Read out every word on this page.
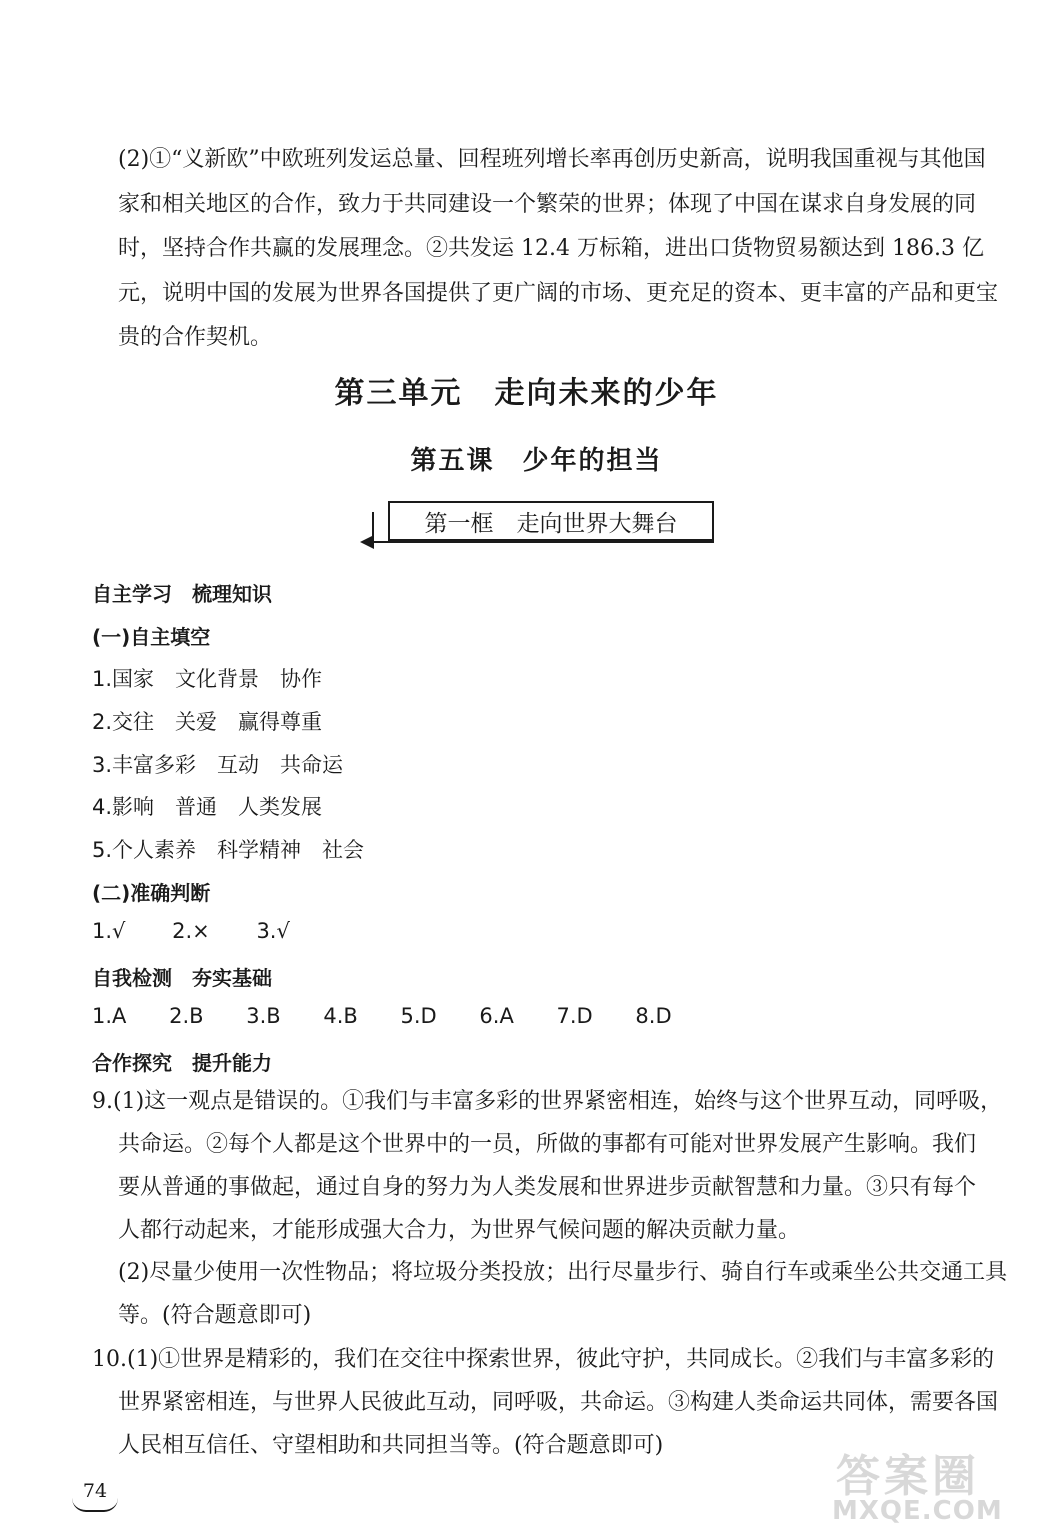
(2)①“义新欧”中欧班列发运总量、回程班列增长率再创历史新高，说明我国重视与其他国
家和相关地区的合作，致力于共同建设一个繁荣的世界；体现了中国在谋求自身发展的同
时，坚持合作共赢的发展理念。②共发运 12.4 万标箱，进出口货物贸易额达到 186.3 亿
元，说明中国的发展为世界各国提供了更广阔的市场、更充足的资本、更丰富的产品和更宝
贵的合作契机。
第三单元　走向未来的少年
第五课　少年的担当
第一框　走向世界大舞台
自主学习　梳理知识
(一)自主填空
1.国家　文化背景　协作
2.交往　关爱　赢得尊重
3.丰富多彩　互动　共命运
4.影响　普通　人类发展
5.个人素养　科学精神　社会
(二)准确判断
1.√ 2.× 3.√
自我检测　夯实基础
1.A 2.B 3.B 4.B 5.D 6.A 7.D 8.D
合作探究　提升能力
9.(1)这一观点是错误的。①我们与丰富多彩的世界紧密相连，始终与这个世界互动，同呼吸，
共命运。②每个人都是这个世界中的一员，所做的事都有可能对世界发展产生影响。我们
要从普通的事做起，通过自身的努力为人类发展和世界进步贡献智慧和力量。③只有每个
人都行动起来，才能形成强大合力，为世界气候问题的解决贡献力量。
(2)尽量少使用一次性物品；将垃圾分类投放；出行尽量步行、骑自行车或乘坐公共交通工具
等。(符合题意即可)
10.(1)①世界是精彩的，我们在交往中探索世界，彼此守护，共同成长。②我们与丰富多彩的
世界紧密相连，与世界人民彼此互动，同呼吸，共命运。③构建人类命运共同体，需要各国
人民相互信任、守望相助和共同担当等。(符合题意即可)
74	答案圈
MXQE.COM
